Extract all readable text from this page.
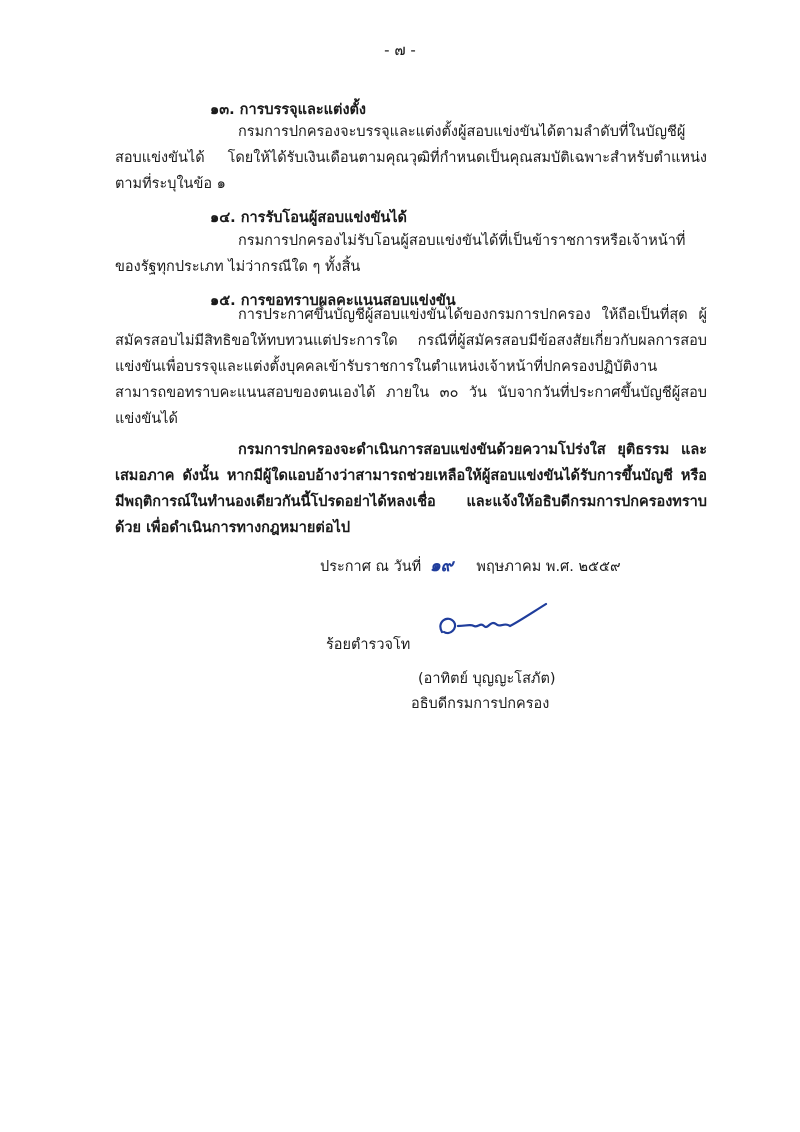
- ๗ -
๑๓. การบรรจุและแต่งตั้ง
กรมการปกครองจะบรรจุและแต่งตั้งผู้สอบแข่งขันได้ตามลำดับที่ในบัญชีผู้สอบแข่งขันได้ โดยให้ได้รับเงินเดือนตามคุณวุฒิที่กำหนดเป็นคุณสมบัติเฉพาะสำหรับตำแหน่งตามที่ระบุในข้อ ๑
๑๔. การรับโอนผู้สอบแข่งขันได้
กรมการปกครองไม่รับโอนผู้สอบแข่งขันได้ที่เป็นข้าราชการหรือเจ้าหน้าที่ของรัฐทุกประเภท ไม่ว่ากรณีใด ๆ ทั้งสิ้น
๑๕. การขอทราบผลคะแนนสอบแข่งขัน
การประกาศขึ้นบัญชีผู้สอบแข่งขันได้ของกรมการปกครอง ให้ถือเป็นที่สุด ผู้สมัครสอบไม่มีสิทธิขอให้ทบทวนแต่ประการใด กรณีที่ผู้สมัครสอบมีข้อสงสัยเกี่ยวกับผลการสอบแข่งขันเพื่อบรรจุและแต่งตั้งบุคคลเข้ารับราชการในตำแหน่งเจ้าหน้าที่ปกครองปฏิบัติงาน สามารถขอทราบคะแนนสอบของตนเองได้ ภายใน ๓๐ วัน นับจากวันที่ประกาศขึ้นบัญชีผู้สอบแข่งขันได้
กรมการปกครองจะดำเนินการสอบแข่งขันด้วยความโปร่งใส ยุติธรรม และเสมอภาค ดังนั้น หากมีผู้ใดแอบอ้างว่าสามารถช่วยเหลือให้ผู้สอบแข่งขันได้รับการขึ้นบัญชี หรือมีพฤติการณ์ในทำนองเดียวกันนี้โปรดอย่าได้หลงเชื่อ และแจ้งให้อธิบดีกรมการปกครองทราบด้วย เพื่อดำเนินการทางกฎหมายต่อไป
ประกาศ ณ วันที่ ๑๙ พฤษภาคม พ.ศ. ๒๕๕๙
ร้อยตำรวจโท
(อาทิตย์ บุญญะโสภัต)
อธิบดีกรมการปกครอง
